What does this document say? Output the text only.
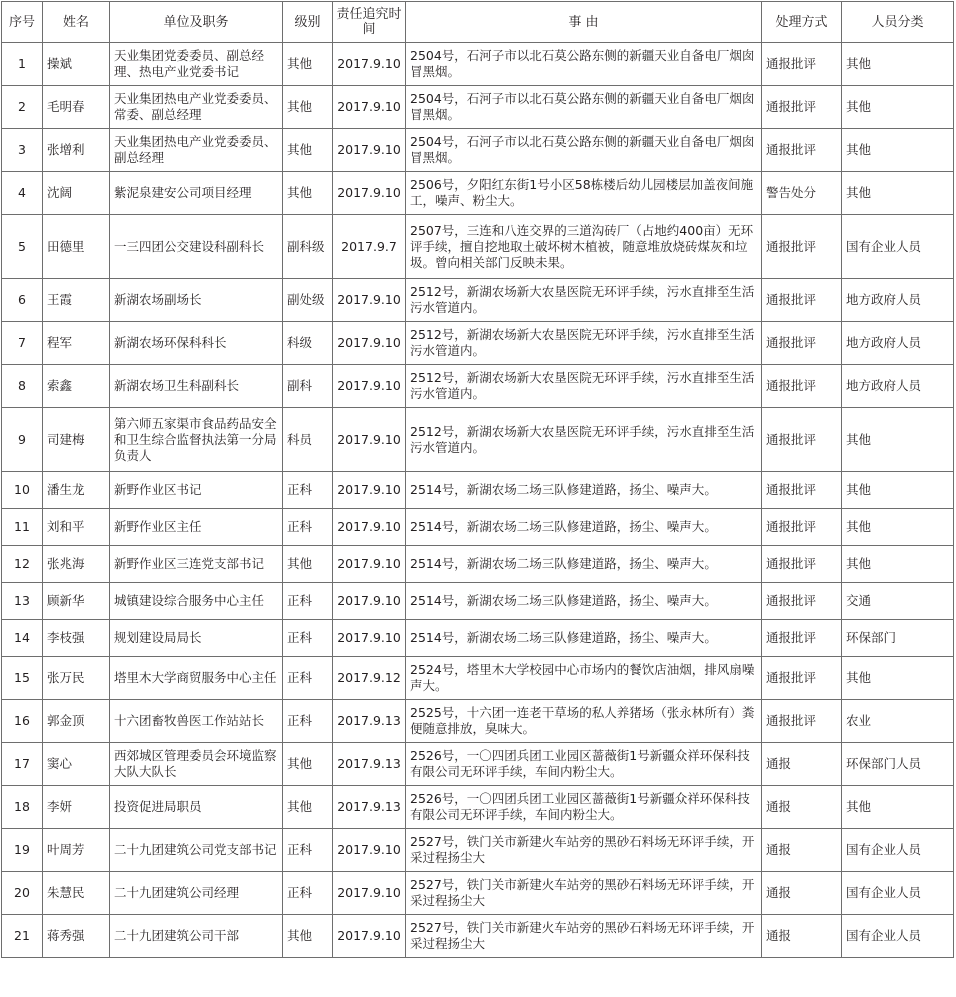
序号	姓名	单位及职务	级别	责任追究时间	事 由	处理方式	人员分类
1	操斌	天业集团党委委员、副总经理、热电产业党委书记	其他	2017.9.10	2504号，石河子市以北石莫公路东侧的新疆天业自备电厂烟囱冒黑烟。	通报批评	其他
2	毛明春	天业集团热电产业党委委员、常委、副总经理	其他	2017.9.10	2504号，石河子市以北石莫公路东侧的新疆天业自备电厂烟囱冒黑烟。	通报批评	其他
3	张增利	天业集团热电产业党委委员、副总经理	其他	2017.9.10	2504号，石河子市以北石莫公路东侧的新疆天业自备电厂烟囱冒黑烟。	通报批评	其他
4	沈阔	紫泥泉建安公司项目经理	其他	2017.9.10	2506号，夕阳红东街1号小区58栋楼后幼儿园楼层加盖夜间施工，噪声、粉尘大。	警告处分	其他
5	田德里	一三四团公交建设科副科长	副科级	2017.9.7	2507号，三连和八连交界的三道沟砖厂（占地约400亩）无环评手续，擅自挖地取土破坏树木植被，随意堆放烧砖煤灰和垃圾。曾向相关部门反映未果。	通报批评	国有企业人员
6	王霞	新湖农场副场长	副处级	2017.9.10	2512号，新湖农场新大农垦医院无环评手续，污水直排至生活污水管道内。	通报批评	地方政府人员
7	程军	新湖农场环保科科长	科级	2017.9.10	2512号，新湖农场新大农垦医院无环评手续，污水直排至生活污水管道内。	通报批评	地方政府人员
8	索鑫	新湖农场卫生科副科长	副科	2017.9.10	2512号，新湖农场新大农垦医院无环评手续，污水直排至生活污水管道内。	通报批评	地方政府人员
9	司建梅	第六师五家渠市食品药品安全和卫生综合监督执法第一分局负责人	科员	2017.9.10	2512号，新湖农场新大农垦医院无环评手续，污水直排至生活污水管道内。	通报批评	其他
10	潘生龙	新野作业区书记	正科	2017.9.10	2514号，新湖农场二场三队修建道路，扬尘、噪声大。	通报批评	其他
11	刘和平	新野作业区主任	正科	2017.9.10	2514号，新湖农场二场三队修建道路，扬尘、噪声大。	通报批评	其他
12	张兆海	新野作业区三连党支部书记	其他	2017.9.10	2514号，新湖农场二场三队修建道路，扬尘、噪声大。	通报批评	其他
13	顾新华	城镇建设综合服务中心主任	正科	2017.9.10	2514号，新湖农场二场三队修建道路，扬尘、噪声大。	通报批评	交通
14	李枝强	规划建设局局长	正科	2017.9.10	2514号，新湖农场二场三队修建道路，扬尘、噪声大。	通报批评	环保部门
15	张万民	塔里木大学商贸服务中心主任	正科	2017.9.12	2524号，塔里木大学校园中心市场内的餐饮店油烟，排风扇噪声大。	通报批评	其他
16	郭金顶	十六团畜牧兽医工作站站长	正科	2017.9.13	2525号，十六团一连老干草场的私人养猪场（张永林所有）粪便随意排放，臭味大。	通报批评	农业
17	窦心	西郊城区管理委员会环境监察大队大队长	其他	2017.9.13	2526号，一〇四团兵团工业园区蔷薇街1号新疆众祥环保科技有限公司无环评手续，车间内粉尘大。	通报	环保部门人员
18	李妍	投资促进局职员	其他	2017.9.13	2526号，一〇四团兵团工业园区蔷薇街1号新疆众祥环保科技有限公司无环评手续，车间内粉尘大。	通报	其他
19	叶周芳	二十九团建筑公司党支部书记	正科	2017.9.10	2527号，铁门关市新建火车站旁的黑砂石料场无环评手续，开采过程扬尘大	通报	国有企业人员
20	朱慧民	二十九团建筑公司经理	正科	2017.9.10	2527号，铁门关市新建火车站旁的黑砂石料场无环评手续，开采过程扬尘大	通报	国有企业人员
21	蒋秀强	二十九团建筑公司干部	其他	2017.9.10	2527号，铁门关市新建火车站旁的黑砂石料场无环评手续，开采过程扬尘大	通报	国有企业人员
